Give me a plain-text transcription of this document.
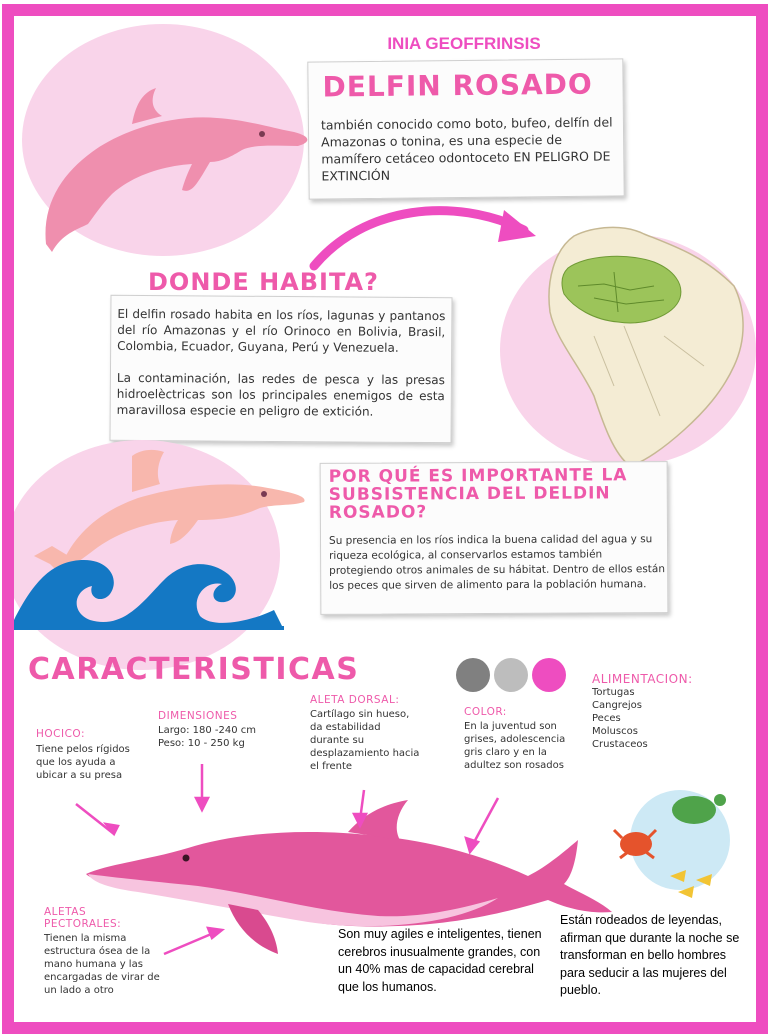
INIA GEOFFRINSIS
DELFIN ROSADO
también conocido como boto, bufeo, delfín del Amazonas o tonina, es una especie de mamífero cetáceo odontoceto EN PELIGRO DE EXTINCIÓN
El delfin rosado habita en los ríos, lagunas y pantanos del río Amazonas y el río Orinoco en Bolivia, Brasil, Colombia, Ecuador, Guyana, Perú y Venezuela.
La contaminación, las redes de pesca y las presas hidroelèctricas son los principales enemigos de esta maravillosa especie en peligro de extición.
DONDE HABITA?
POR QUÉ ES IMPORTANTE LA SUBSISTENCIA DEL DELDIN ROSADO?
Su presencia en los ríos indica la buena calidad del agua y su riqueza ecológica, al conservarlos estamos también protegiendo otros animales de su hábitat. Dentro de ellos están los peces que sirven de alimento para la población humana.
CARACTERISTICAS
HOCICO:
Tiene pelos rígidos que los ayuda a ubicar a su presa
DIMENSIONES
Largo: 180 -240 cm
Peso: 10 - 250 kg
ALETA DORSAL:
Cartílago sin hueso, da estabilidad durante su desplazamiento hacia el frente
COLOR:
En la juventud son grises, adolescencia gris claro y en la adultez son rosados
ALIMENTACION:
Tortugas
Cangrejos
Peces
Moluscos
Crustaceos
ALETAS PECTORALES:
Tienen la misma estructura ósea de la mano humana y las encargadas de virar de un lado a otro
Son muy agiles e inteligentes, tienen cerebros inusualmente grandes, con un 40% mas de capacidad cerebral que los humanos.
Están rodeados de leyendas, afirman que durante la noche se transforman en bello hombres para seducir a las mujeres del pueblo.
